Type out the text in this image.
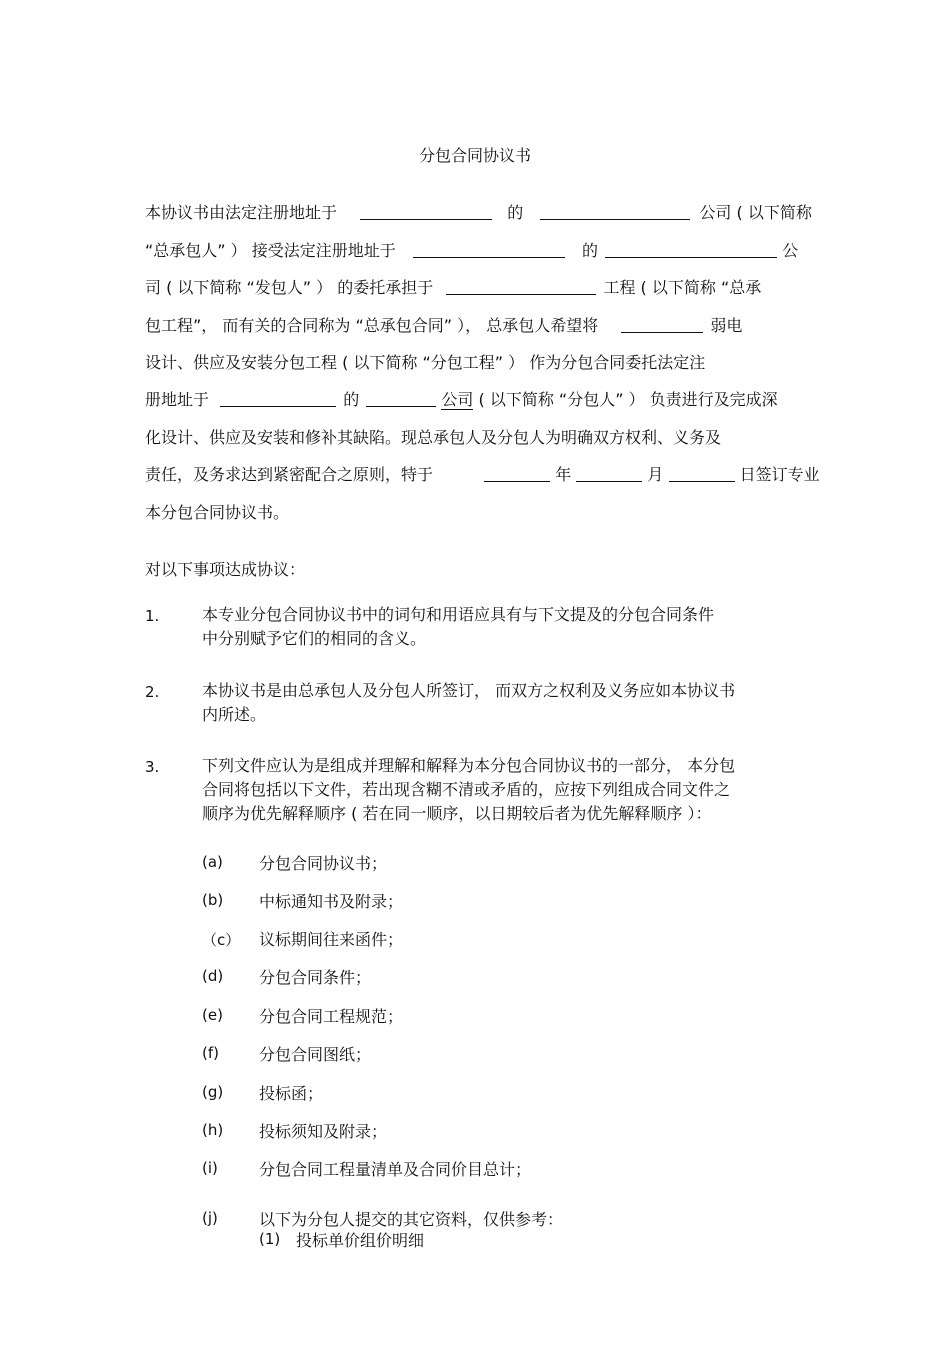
分包合同协议书
本协议书由法定注册地址于	的	公司 ( 以下简称
“总承包人” ） 接受法定注册地址于	的	公
司 ( 以下简称 “发包人” ） 的委托承担于	工程 ( 以下简称 “总承
包工程”， 而有关的合同称为 “总承包合同” ）， 总承包人希望将	弱电
设计、供应及安装分包工程 ( 以下简称 “分包工程” ） 作为分包合同委托法定注
册地址于	的	公司 ( 以下简称 “分包人” ） 负责进行及完成深
化设计、供应及安装和修补其缺陷。现总承包人及分包人为明确双方权利、义务及
责任，及务求达到紧密配合之原则，特于	年	月	日签订专业
本分包合同协议书。
对以下事项达成协议：
1.	本专业分包合同协议书中的词句和用语应具有与下文提及的分包合同条件
中分别赋予它们的相同的含义。
2.	本协议书是由总承包人及分包人所签订， 而双方之权利及义务应如本协议书
内所述。
3.	下列文件应认为是组成并理解和解释为本分包合同协议书的一部分， 本分包
合同将包括以下文件，若出现含糊不清或矛盾的，应按下列组成合同文件之
顺序为优先解释顺序 ( 若在同一顺序，以日期较后者为优先解释顺序 ）：
(a) 分包合同协议书；
(b) 中标通知书及附录；
（c） 议标期间往来函件；
(d) 分包合同条件；
(e) 分包合同工程规范；
(f)	分包合同图纸；
(g) 投标函；
(h) 投标须知及附录；
(i)	分包合同工程量清单及合同价目总计；
(j)	以下为分包人提交的其它资料，仅供参考：
(1) 投标单价组价明细
